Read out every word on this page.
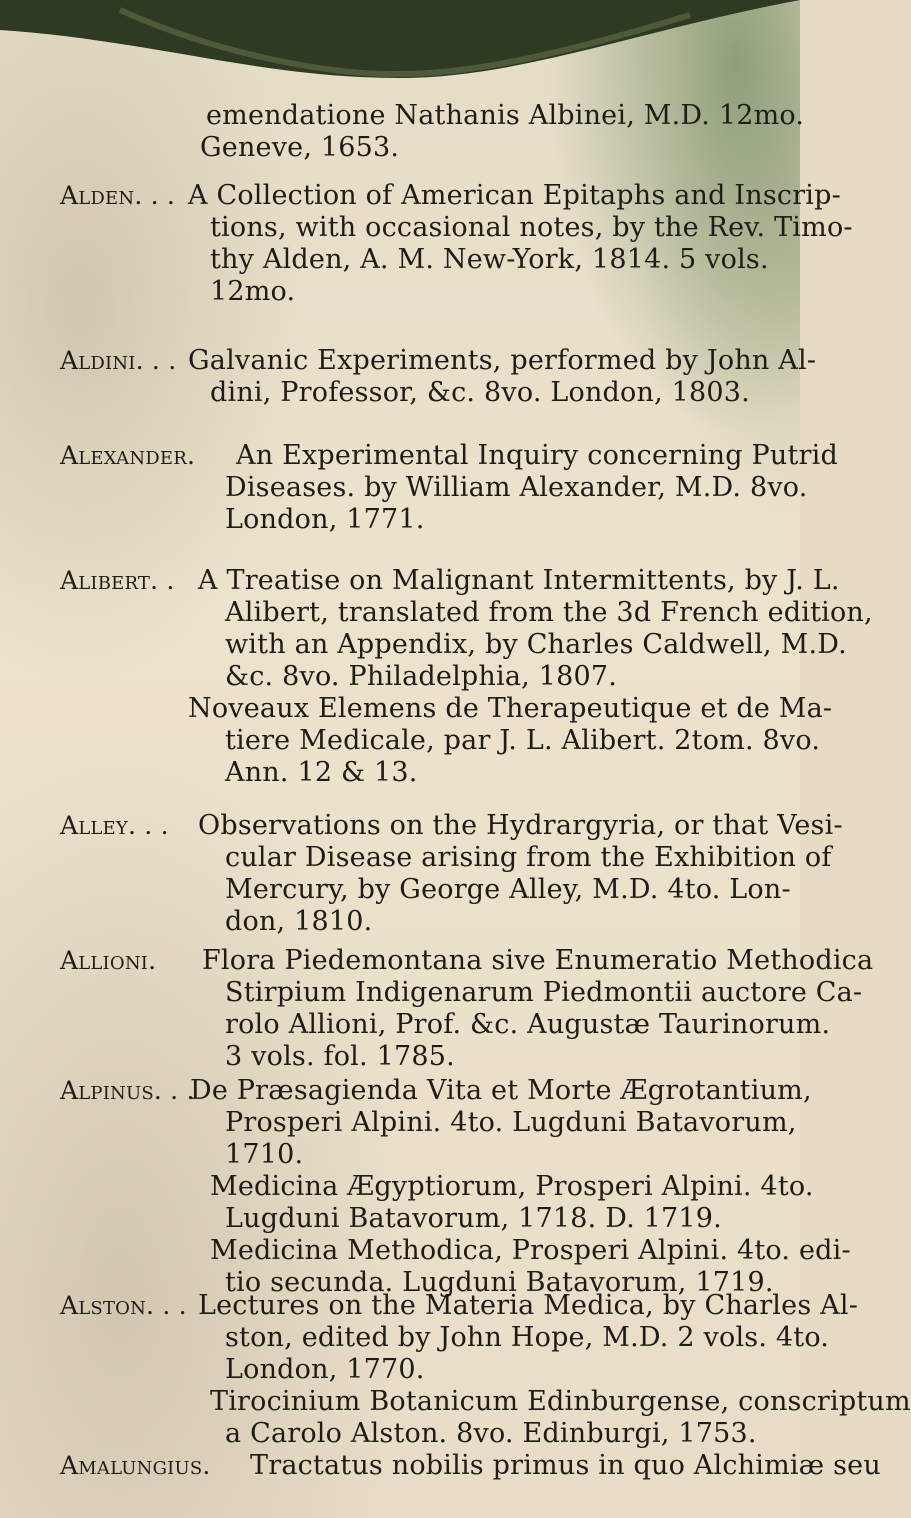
emendatione Nathanis Albinei, M.D. 12mo.
Geneve, 1653.
Alden. . . A Collection of American Epitaphs and Inscrip-
tions, with occasional notes, by the Rev. Timo-
thy Alden, A. M. New-York, 1814. 5 vols.
12mo.
Aldini. . . Galvanic Experiments, performed by John Al-
dini, Professor, &c. 8vo. London, 1803.
Alexander.	An Experimental Inquiry concerning Putrid
Diseases. by William Alexander, M.D. 8vo.
London, 1771.
Alibert. . A Treatise on Malignant Intermittents, by J. L.
Alibert, translated from the 3d French edition,
with an Appendix, by Charles Caldwell, M.D.
&c. 8vo. Philadelphia, 1807.
Noveaux Elemens de Therapeutique et de Ma-
tiere Medicale, par J. L. Alibert. 2tom. 8vo.
Ann. 12 & 13.
Alley. . .	Observations on the Hydrargyria, or that Vesi-
cular Disease arising from the Exhibition of
Mercury, by George Alley, M.D. 4to. Lon-
don, 1810.
Allioni.	Flora Piedemontana sive Enumeratio Methodica
Stirpium Indigenarum Piedmontii auctore Ca-
rolo Allioni, Prof. &c. Augustæ Taurinorum.
3 vols. fol. 1785.
Alpinus. . .
De Præsagienda Vita et Morte Ægrotantium,
Prosperi Alpini. 4to. Lugduni Batavorum,
1710.
Medicina Ægyptiorum, Prosperi Alpini. 4to.
Lugduni Batavorum, 1718. D. 1719.
Medicina Methodica, Prosperi Alpini. 4to. edi-
tio secunda. Lugduni Batavorum, 1719.
Alston. . . Lectures on the Materia Medica, by Charles Al-
ston, edited by John Hope, M.D. 2 vols. 4to.
London, 1770.
Tirocinium Botanicum Edinburgense, conscriptum
a Carolo Alston. 8vo. Edinburgi, 1753.
Amalungius.	Tractatus nobilis primus in quo Alchimiæ seu
